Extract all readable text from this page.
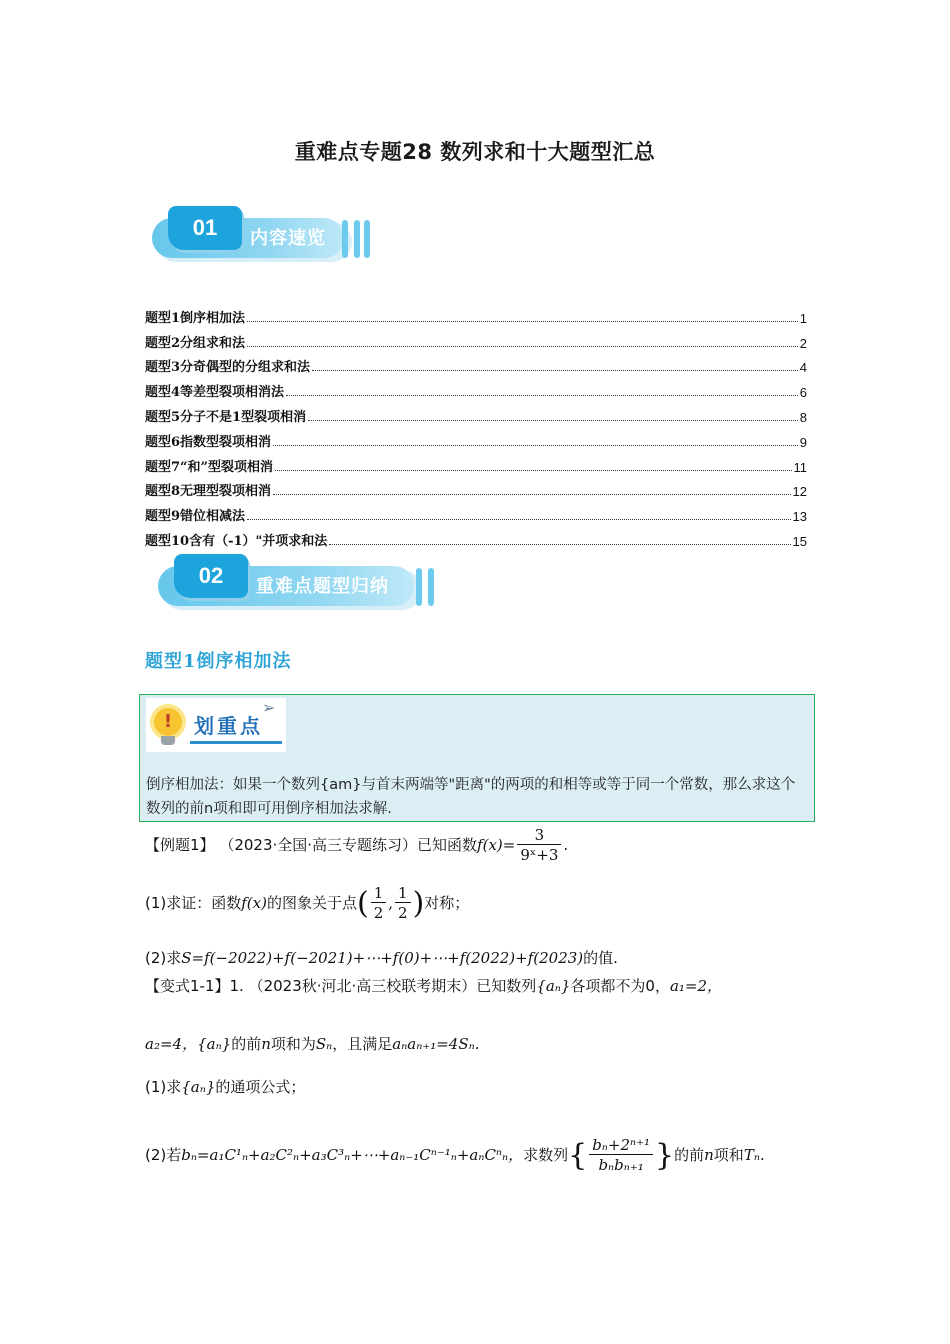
重难点专题28 数列求和十大题型汇总
01	内容速览
题型1倒序相加法	1
题型2分组求和法	2
题型3分奇偶型的分组求和法	4
题型4等差型裂项相消法	6
题型5分子不是1型裂项相消	8
题型6指数型裂项相消	9
题型7“和”型裂项相消	11
题型8无理型裂项相消	12
题型9错位相减法	13
题型10含有（-1）"并项求和法	15
02	重难点题型归纳
题型1倒序相加法
!	划重点
➢
倒序相加法：如果一个数列{am}与首末两端等"距离"的两项的和相等或等于同一个常数，那么求这个数列的前n项和即可用倒序相加法求解.
【例题1】 （2023·全国·高三专题练习）已知函数$f(x)= \frac{3}{\text{9ˣ+3}}$ .
(1)求证：函数f(x)的图象关于点( $\frac{1}{2}$ , $\frac{1}{2}$ )对称；
(2)求S=f(−2022)+f(−2021)+⋯+f(0)+⋯+f(2022)+f(2023)的值.
【变式1-1】1. （2023秋·河北·高三校联考期末）已知数列{aₙ}各项都不为0，a₁=2，
a₂=4，{aₙ}的前n项和为Sₙ，且满足aₙaₙ₊₁=4Sₙ.
(1)求{aₙ}的通项公式；
(2)若bₙ=a₁C¹ₙ+a₂C²ₙ+a₃C³ₙ+⋯+aₙ₋₁Cⁿ⁻¹ₙ+aₙCⁿₙ，求数列{ $\frac{\text{bₙ+2ⁿ⁺¹}}{\text{bₙbₙ₊₁}}$ }的前n项和Tₙ.
